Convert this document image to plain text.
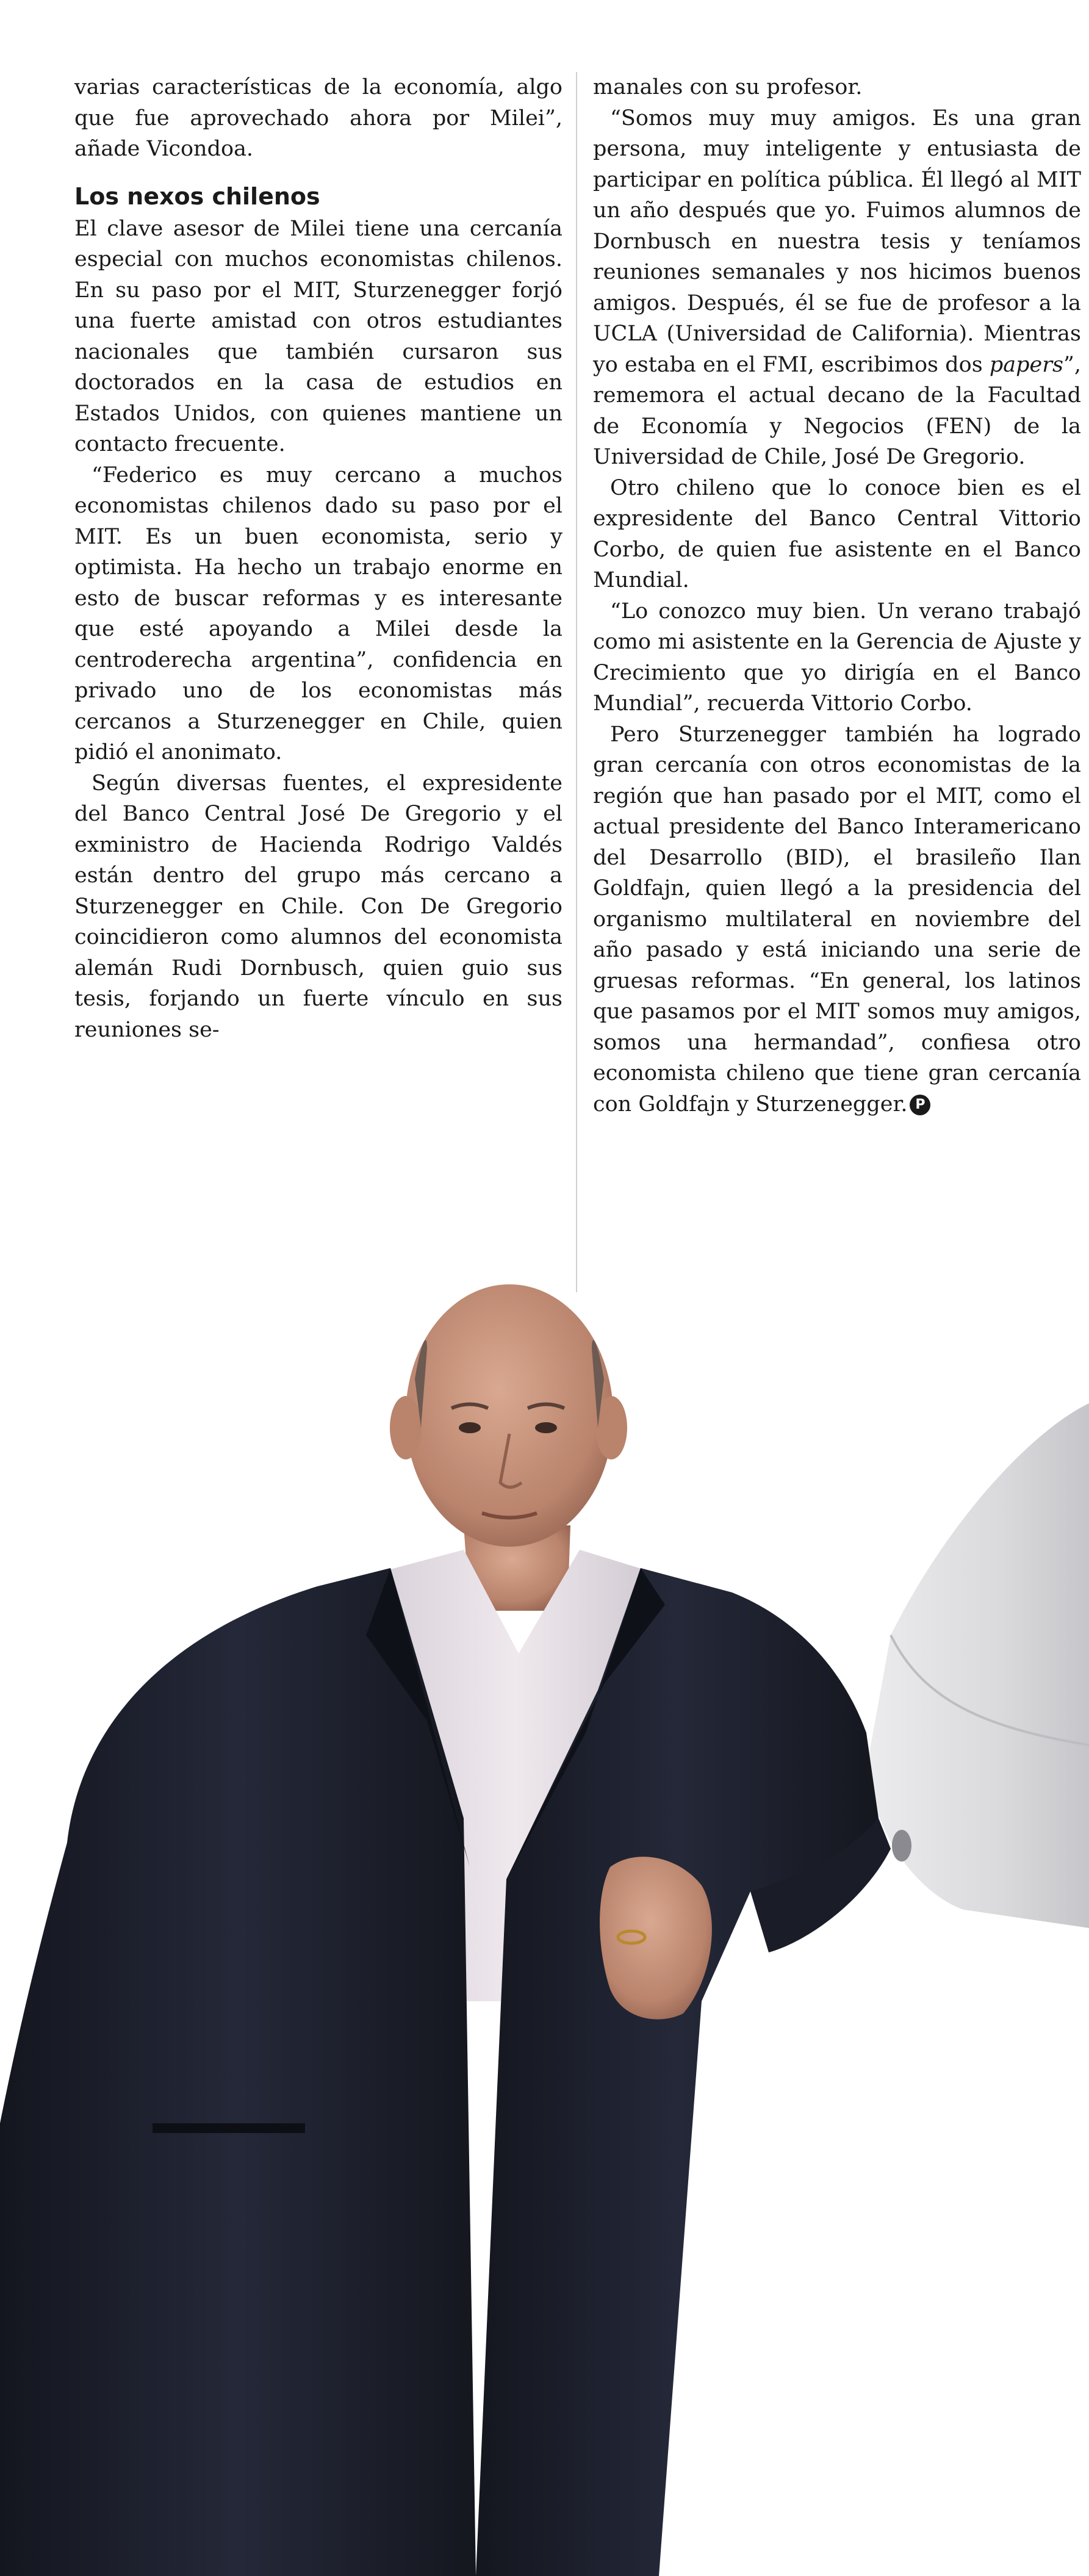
varias características de la economía, algo que fue aprovechado ahora por Milei”, añade Vicondoa.

Los nexos chilenos

El clave asesor de Milei tiene una cercanía especial con muchos economistas chilenos. En su paso por el MIT, Sturzenegger forjó una fuerte amistad con otros estudiantes nacionales que también cursaron sus doctorados en la casa de estudios en Estados Unidos, con quienes mantiene un contacto frecuente.

“Federico es muy cercano a muchos economistas chilenos dado su paso por el MIT. Es un buen economista, serio y optimista. Ha hecho un trabajo enorme en esto de buscar reformas y es interesante que esté apoyando a Milei desde la centroderecha argentina”, confidencia en privado uno de los economistas más cercanos a Sturzenegger en Chile, quien pidió el anonimato.

Según diversas fuentes, el expresidente del Banco Central José De Gregorio y el exministro de Hacienda Rodrigo Valdés están dentro del grupo más cercano a Sturzenegger en Chile. Con De Gregorio coincidieron como alumnos del economista alemán Rudi Dornbusch, quien guio sus tesis, forjando un fuerte vínculo en sus reuniones se-

manales con su profesor.

“Somos muy muy amigos. Es una gran persona, muy inteligente y entusiasta de participar en política pública. Él llegó al MIT un año después que yo. Fuimos alumnos de Dornbusch en nuestra tesis y teníamos reuniones semanales y nos hicimos buenos amigos. Después, él se fue de profesor a la UCLA (Universidad de California). Mientras yo estaba en el FMI, escribimos dos papers”, rememora el actual decano de la Facultad de Economía y Negocios (FEN) de la Universidad de Chile, José De Gregorio.

Otro chileno que lo conoce bien es el expresidente del Banco Central Vittorio Corbo, de quien fue asistente en el Banco Mundial.

“Lo conozco muy bien. Un verano trabajó como mi asistente en la Gerencia de Ajuste y Crecimiento que yo dirigía en el Banco Mundial”, recuerda Vittorio Corbo.

Pero Sturzenegger también ha logrado gran cercanía con otros economistas de la región que han pasado por el MIT, como el actual presidente del Banco Interamericano del Desarrollo (BID), el brasileño Ilan Goldfajn, quien llegó a la presidencia del organismo multilateral en noviembre del año pasado y está iniciando una serie de gruesas reformas. “En general, los latinos que pasamos por el MIT somos muy amigos, somos una hermandad”, confiesa otro economista chileno que tiene gran cercanía con Goldfajn y Sturzenegger. P
